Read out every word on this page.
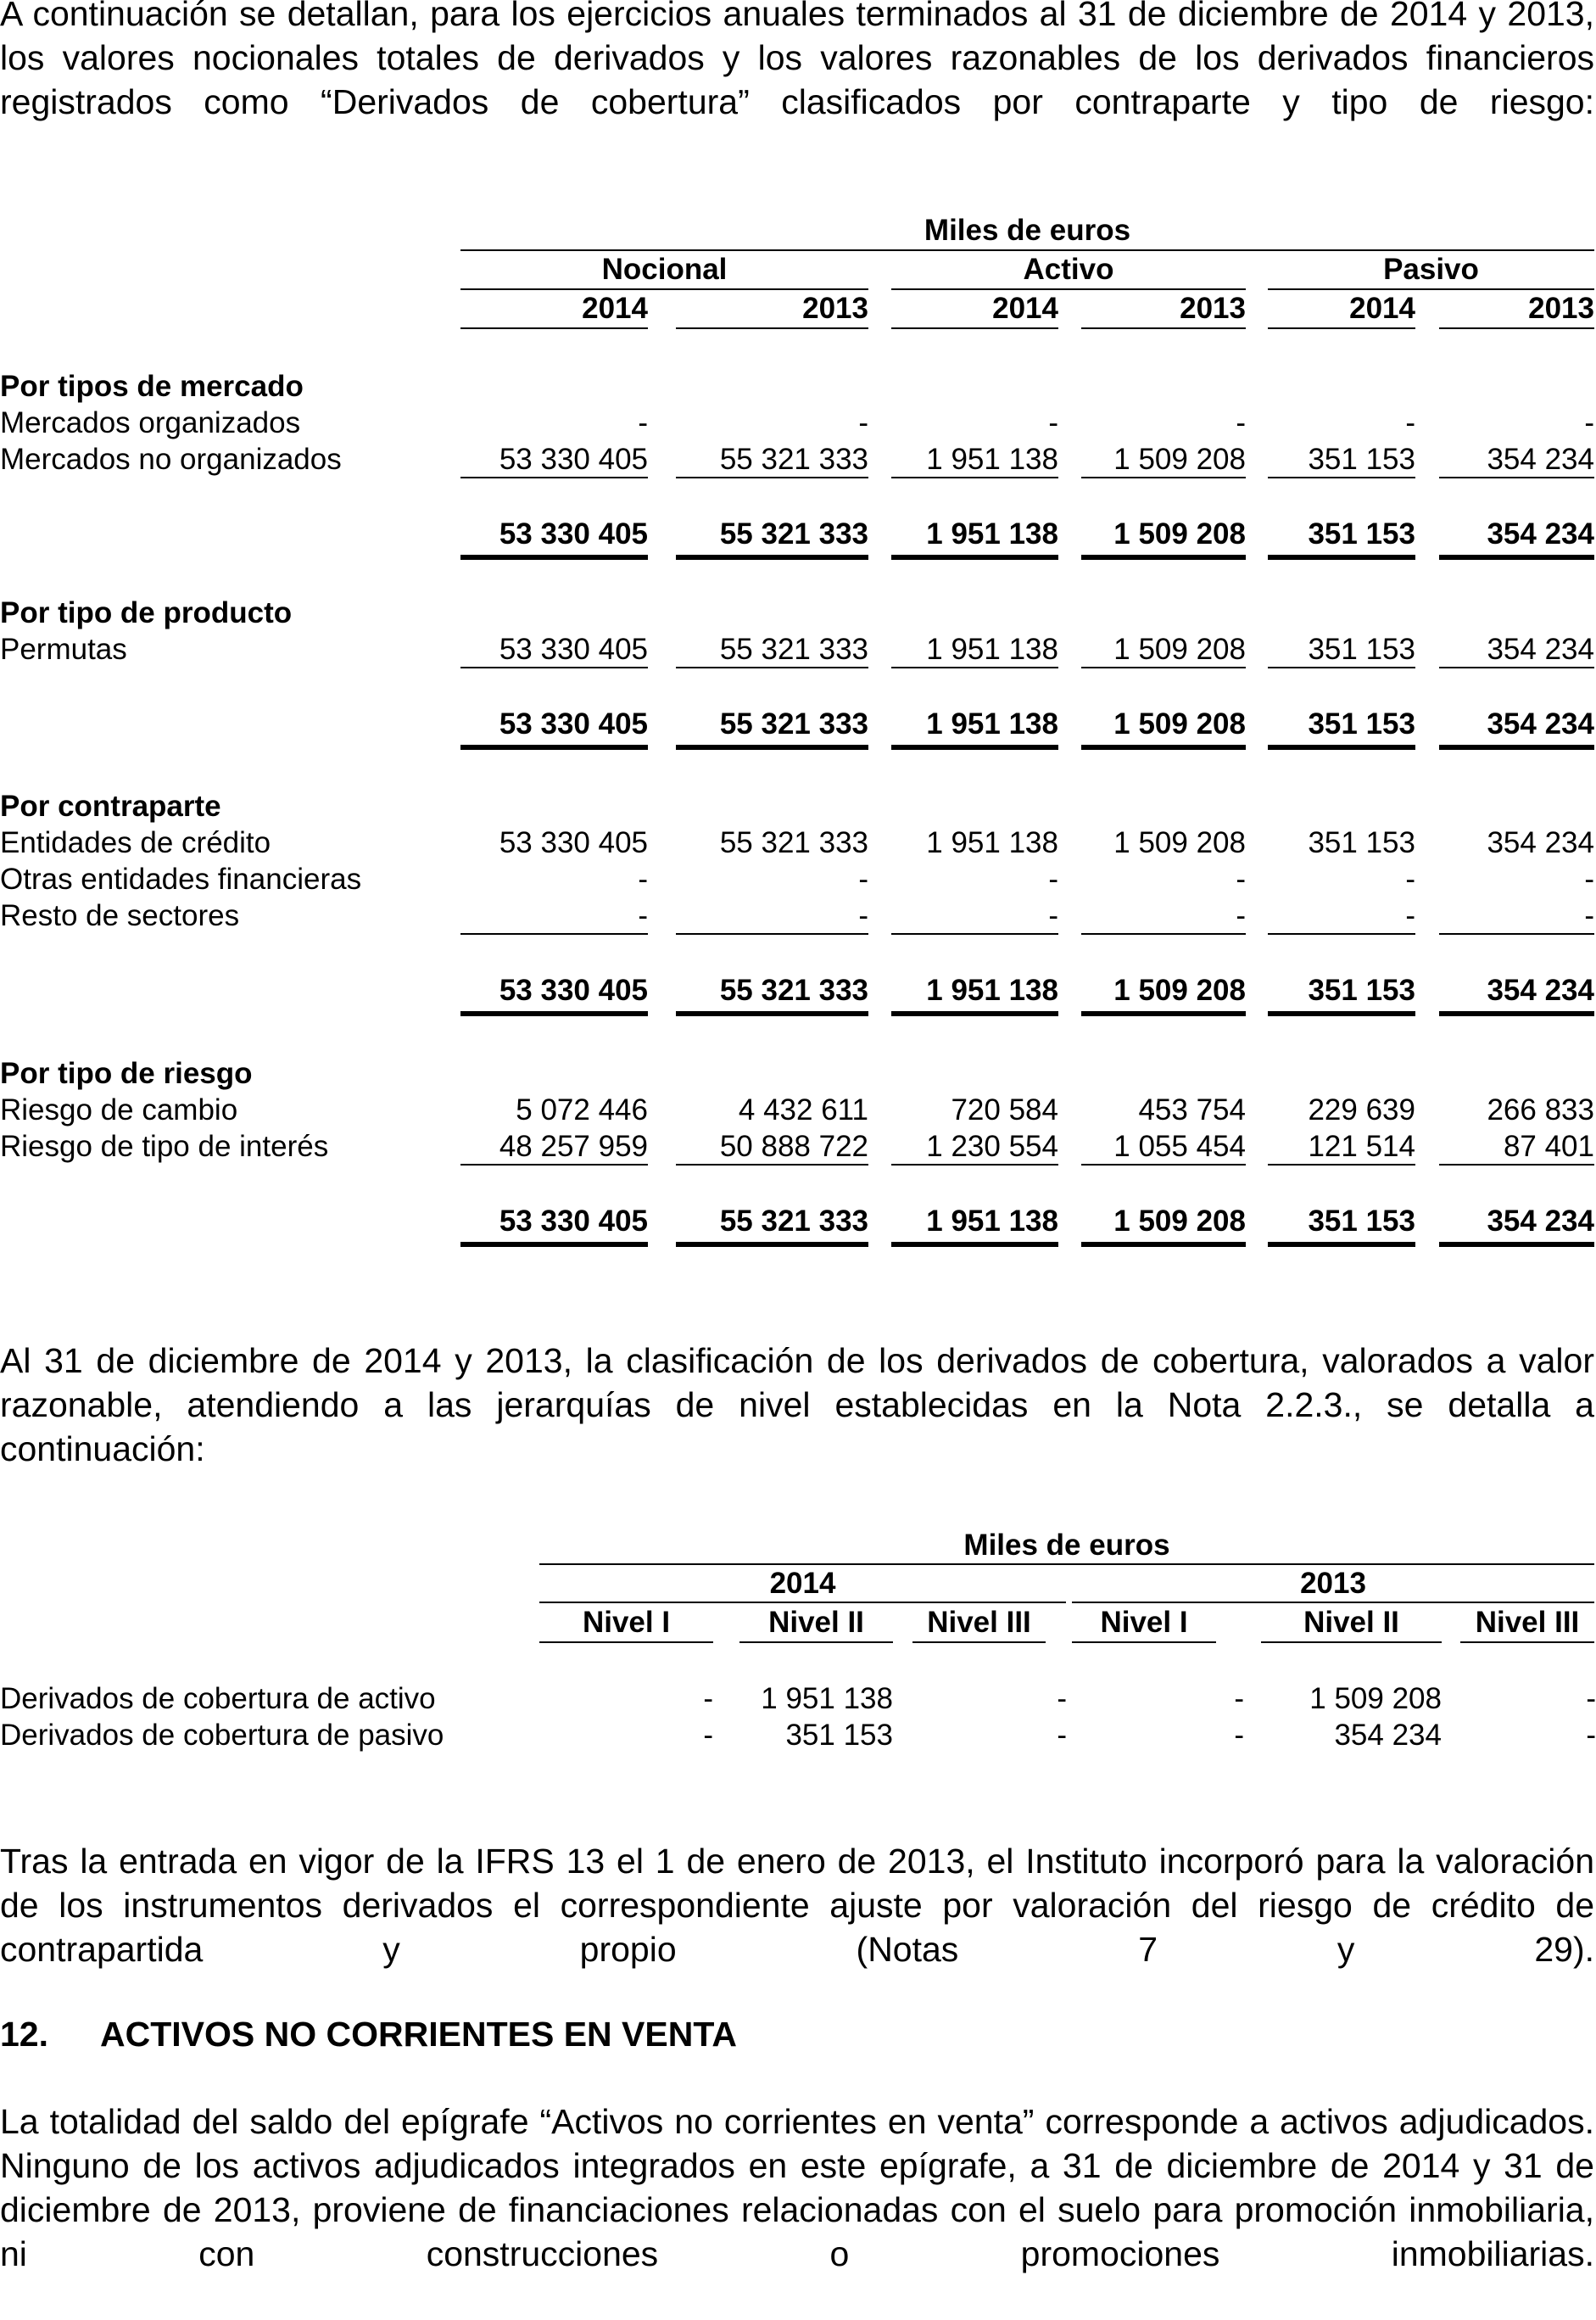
A continuación se detallan, para los ejercicios anuales terminados al 31 de diciembre de 2014 y 2013, los valores nocionales totales de derivados y los valores razonables de los derivados financieros registrados como “Derivados de cobertura” clasificados por contraparte y tipo de riesgo:

Miles de euros
Nocional	Activo	Pasivo
2014	2013	2014	2013	2014	2013
Por tipos de mercado
Mercados organizados	-	-	-	-	-	-
Mercados no organizados	53 330 405	55 321 333	1 951 138	1 509 208	351 153	354 234
53 330 405	55 321 333	1 951 138	1 509 208	351 153	354 234
Por tipo de producto
Permutas	53 330 405	55 321 333	1 951 138	1 509 208	351 153	354 234
53 330 405	55 321 333	1 951 138	1 509 208	351 153	354 234
Por contraparte
Entidades de crédito	53 330 405	55 321 333	1 951 138	1 509 208	351 153	354 234
Otras entidades financieras	-	-	-	-	-	-
Resto de sectores	-	-	-	-	-	-
53 330 405	55 321 333	1 951 138	1 509 208	351 153	354 234
Por tipo de riesgo
Riesgo de cambio	5 072 446	4 432 611	720 584	453 754	229 639	266 833
Riesgo de tipo de interés	48 257 959	50 888 722	1 230 554	1 055 454	121 514	87 401
53 330 405	55 321 333	1 951 138	1 509 208	351 153	354 234

Al 31 de diciembre de 2014 y 2013, la clasificación de los derivados de cobertura, valorados a valor razonable, atendiendo a las jerarquías de nivel establecidas en la Nota 2.2.3., se detalla a continuación:

Miles de euros
2014	2013
Nivel I	Nivel II	Nivel III	Nivel I	Nivel II	Nivel III
Derivados de cobertura de activo	-	1 951 138	-	-	1 509 208	-
Derivados de cobertura de pasivo	-	351 153	-	-	354 234	-

Tras la entrada en vigor de la IFRS 13 el 1 de enero de 2013, el Instituto incorporó para la valoración de los instrumentos derivados el correspondiente ajuste por valoración del riesgo de crédito de contrapartida y propio (Notas 7 y 29).

12. ACTIVOS NO CORRIENTES EN VENTA

La totalidad del saldo del epígrafe “Activos no corrientes en venta” corresponde a activos adjudicados. Ninguno de los activos adjudicados integrados en este epígrafe, a 31 de diciembre de 2014 y 31 de diciembre de 2013, proviene de financiaciones relacionadas con el suelo para promoción inmobiliaria, ni con construcciones o promociones inmobiliarias.
